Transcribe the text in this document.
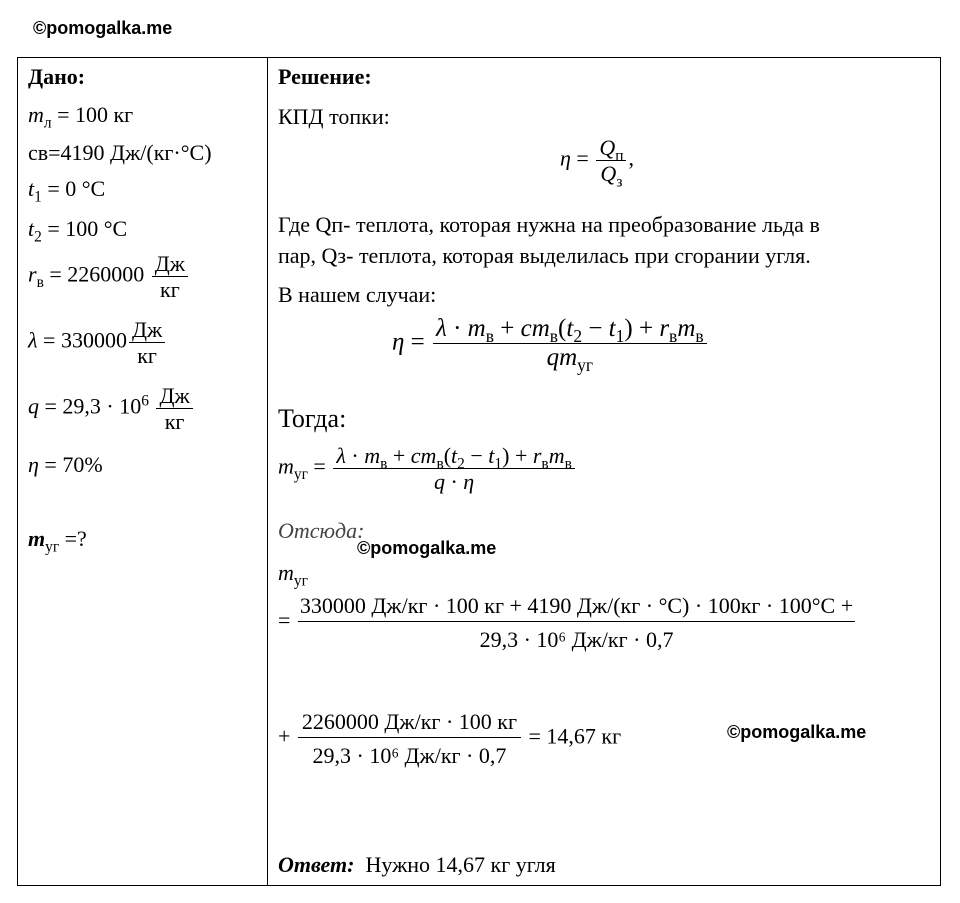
©pomogalka.me
©pomogalka.me
©pomogalka.me
Дано:
$m_л = 100$ кг
cв=4190 Дж/(кг·°С)
$t_1 = 0$ °C
$t_2 = 100$ °C
$r_в = 2260000 \frac{Дж}{кг}$
$\lambda = 330000 \frac{Дж}{кг}$
$q = 29,3 \cdot 10^6 \frac{Дж}{кг}$
η = 70%
$m_{уг}$ =?
Решение:
КПД топки:
$\eta = \frac{Q_п}{Q_з}$ ,
Где Qп- теплота, которая нужна на преобразование льда в
пар, Qз- теплота, которая выделилась при сгорании угля.
В нашем случаи:
$\eta = \frac{\lambda \cdot m_в + cm_в(t_2 - t_1) + r_вm_в}{qm_{уг}}$
Тогда:
$m_{уг} = \frac{\lambda \cdot m_в + cm_в(t_2 - t_1) + r_вm_в}{q \cdot \eta}$
Отсюда:
$m_{уг}$
= $\frac{330000 Дж/кг \cdot 100 кг + 4190 Дж/(кг \cdot ^\circ C) \cdot 100кг \cdot 100^\circ C +}{\text{29,3 · 10⁶ Дж/кг · 0,7}}$
+ $\frac{2260000 Дж/кг \cdot 100 кг}{\text{29,3 · 10⁶ Дж/кг · 0,7}} = 14,67$ кг
Ответ: Нужно 14,67 кг угля
